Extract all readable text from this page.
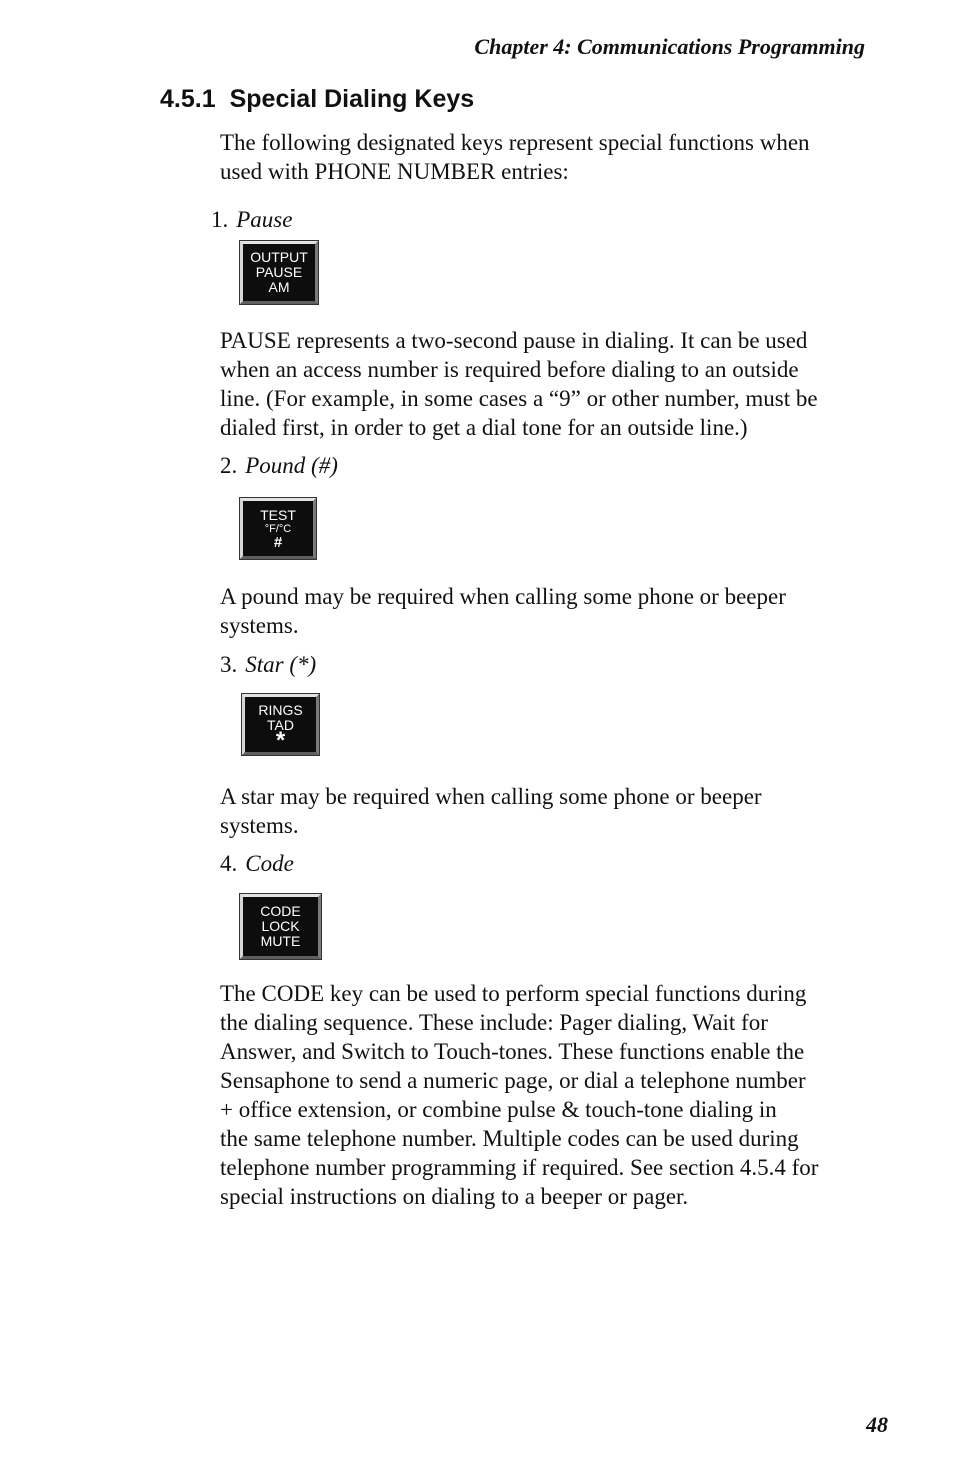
Chapter 4: Communications Programming
4.5.1 Special Dialing Keys
The following designated keys represent special functions when
used with PHONE NUMBER entries:
1. Pause
OUTPUT
PAUSE
AM
PAUSE represents a two-second pause in dialing. It can be used
when an access number is required before dialing to an outside
line. (For example, in some cases a “9” or other number, must be
dialed first, in order to get a dial tone for an outside line.)
2. Pound (#)
TEST
°F/°C
#
A pound may be required when calling some phone or beeper
systems.
3. Star (*)
RINGS
TAD
*
A star may be required when calling some phone or beeper
systems.
4. Code
CODE
LOCK
MUTE
The CODE key can be used to perform special functions during
the dialing sequence. These include: Pager dialing, Wait for
Answer, and Switch to Touch-tones. These functions enable the
Sensaphone to send a numeric page, or dial a telephone number
+ office extension, or combine pulse & touch-tone dialing in
the same telephone number. Multiple codes can be used during
telephone number programming if required. See section 4.5.4 for
special instructions on dialing to a beeper or pager.
48
